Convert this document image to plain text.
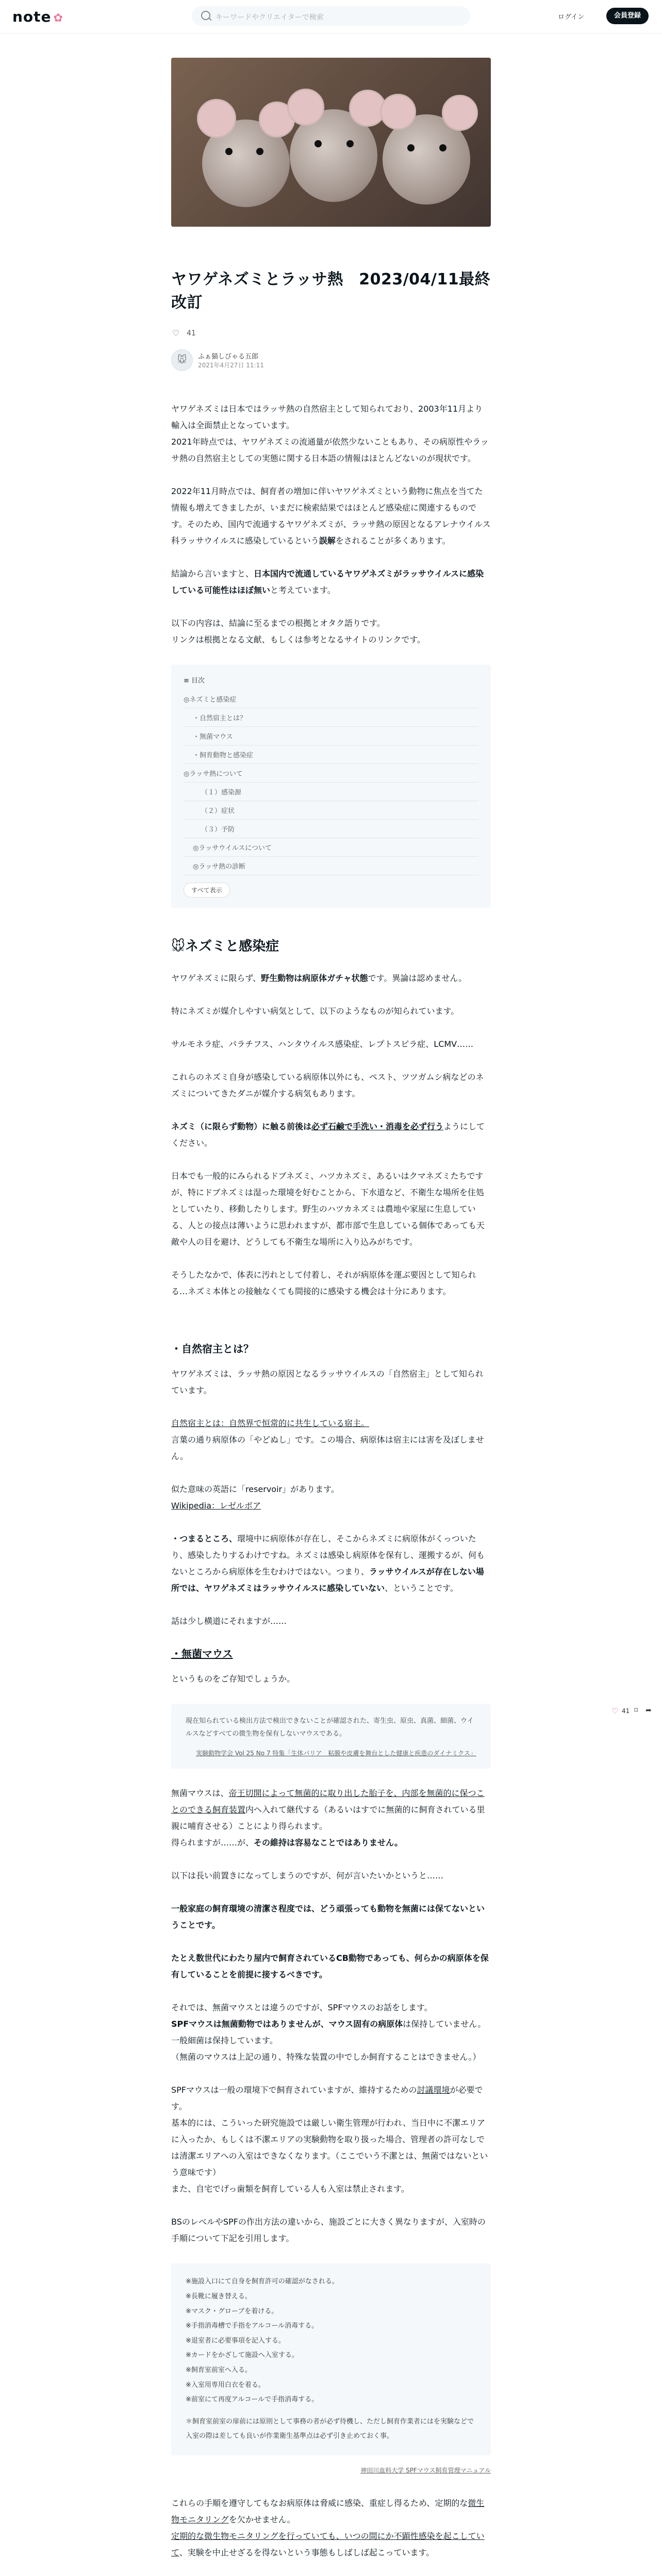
note ✿	キーワードやクリエイターで検索	ログイン	会員登録
ヤワゲネズミとラッサ熱　2023/04/11最終改訂
♡ 41
🐭	ふぁ猫しびゃる五郎
2021年4月27日 11:11

ヤワゲネズミは日本ではラッサ熱の自然宿主として知られており、2003年11月より輸入は全面禁止となっています。
2021年時点では、ヤワゲネズミの流通量が依然少ないこともあり、その病原性やラッサ熱の自然宿主としての実態に関する日本語の情報はほとんどないのが現状です。

2022年11月時点では、飼育者の増加に伴いヤワゲネズミという動物に焦点を当てた情報も増えてきましたが、いまだに検索結果ではほとんど感染症に関連するものです。そのため、国内で流通するヤワゲネズミが、ラッサ熱の原因となるアレナウイルス科ラッサウイルスに感染しているという誤解をされることが多くあります。

結論から言いますと、日本国内で流通しているヤワゲネズミがラッサウイルスに感染している可能性はほぼ無いと考えています。

以下の内容は、結論に至るまでの根拠とオタク語りです。
リンクは根拠となる文献、もしくは参考となるサイトのリンクです。

≡ 目次
◎ネズミと感染症
・自然宿主とは？
・無菌マウス
・飼育動物と感染症
◎ラッサ熱について
（１）感染源
（２）症状
（３）予防
◎ラッサウイルスについて
◎ラッサ熱の診断
すべて表示
🐭ネズミと感染症

ヤワゲネズミに限らず、野生動物は病原体ガチャ状態です。異論は認めません。

特にネズミが媒介しやすい病気として、以下のようなものが知られています。

サルモネラ症、パラチフス、ハンタウイルス感染症、レプトスピラ症、LCMV……

これらのネズミ自身が感染している病原体以外にも、ペスト、ツツガムシ病などのネズミについてきたダニが媒介する病気もあります。

ネズミ（に限らず動物）に触る前後は必ず石鹸で手洗い・消毒を必ず行うようにしてください。

日本でも一般的にみられるドブネズミ、ハツカネズミ、あるいはクマネズミたちですが、特にドブネズミは湿った環境を好むことから、下水道など、不衛生な場所を住処としていたり、移動したりします。野生のハツカネズミは農地や家屋に生息している、人との接点は薄いように思われますが、都市部で生息している個体であっても天敵や人の目を避け、どうしても不衛生な場所に入り込みがちです。

そうしたなかで、体表に汚れとして付着し、それが病原体を運ぶ要因として知られる…ネズミ本体との接触なくても間接的に感染する機会は十分にあります。

・自然宿主とは？

ヤワゲネズミは、ラッサ熱の原因となるラッサウイルスの「自然宿主」として知られています。

自然宿主とは：自然界で恒常的に共生している宿主。
言葉の通り病原体の「やどぬし」です。この場合、病原体は宿主には害を及ぼしません。

似た意味の英語に「reservoir」があります。
Wikipedia：レゼルボア

・つまるところ、環境中に病原体が存在し、そこからネズミに病原体がくっついたり、感染したりするわけですね。ネズミは感染し病原体を保有し、運搬するが、何もないところから病原体を生むわけではない。つまり、ラッサウイルスが存在しない場所では、ヤワゲネズミはラッサウイルスに感染していない、ということです。

話は少し横道にそれますが……

・無菌マウス

というものをご存知でしょうか。

現在知られている検出方法で検出できないことが確認された、寄生虫、原虫、真菌、細菌、ウイルスなどすべての微生物を保有しないマウスである。

実験動物学会 Vol 25 No 7 特集「生体バリア　粘膜や皮膚を舞台とした健康と疾患のダイナミクス」

無菌マウスは、帝王切開によって無菌的に取り出した胎子を、内部を無菌的に保つことのできる飼育装置内へ入れて継代する（あるいはすでに無菌的に飼育されている里親に哺育させる）ことにより得られます。
得られますが……が、その維持は容易なことではありません。

以下は長い前置きになってしまうのですが、何が言いたいかというと……

一般家庭の飼育環境の清潔さ程度では、どう頑張っても動物を無菌には保てないということです。

たとえ数世代にわたり屋内で飼育されているCB動物であっても、何らかの病原体を保有していることを前提に接するべきです。

それでは、無菌マウスとは違うのですが、SPFマウスのお話をします。
SPFマウスは無菌動物ではありませんが、マウス固有の病原体は保持していません。一般細菌は保持しています。
（無菌のマウスは上記の通り、特殊な装置の中でしか飼育することはできません。）

SPFマウスは一般の環境下で飼育されていますが、維持するための討議環境が必要です。
基本的には、こういった研究施設では厳しい衛生管理が行われ、当日中に不潔エリアに入ったか、もしくは不潔エリアの実験動物を取り扱った場合、管理者の許可なしでは清潔エリアへの入室はできなくなります。（ここでいう不潔とは、無菌ではないという意味です）
また、自宅でげっ歯類を飼育している人も入室は禁止されます。

BSのレベルやSPFの作出方法の違いから、施設ごとに大きく異なりますが、入室時の手順について下記を引用します。

※施設入口にて自身を飼育許可の確認がなされる。
※長靴に履き替える。
※マスク・グローブを着ける。
※手指消毒槽で手指をアルコール消毒する。
※退室者に必要事項を記入する。
※カードをかざして施設へ入室する。
※飼育室前室へ入る。
※入室用専用白衣を着る。
※前室にて再度アルコールで手指消毒する。
＊飼育室前室の扉前には原則として事務の者が必ず待機し、ただし飼育作業者にはを実験などで入室の際は差しても良いが作業衛生基準点は必ず引き止めておく事。
神田川血料大学 SPFマウス飼育管理マニュアル

これらの手順を遵守してもなお病原体は脅威に感染、重症し得るため、定期的な微生物モニタリングを欠かせません。
定期的な微生物モニタリングを行っていても、いつの間にか不顕性感染を起こしていて、実験を中止せざるを得ないという事態もしばしば起こっています。

♡ 41 ⌑ ➦
